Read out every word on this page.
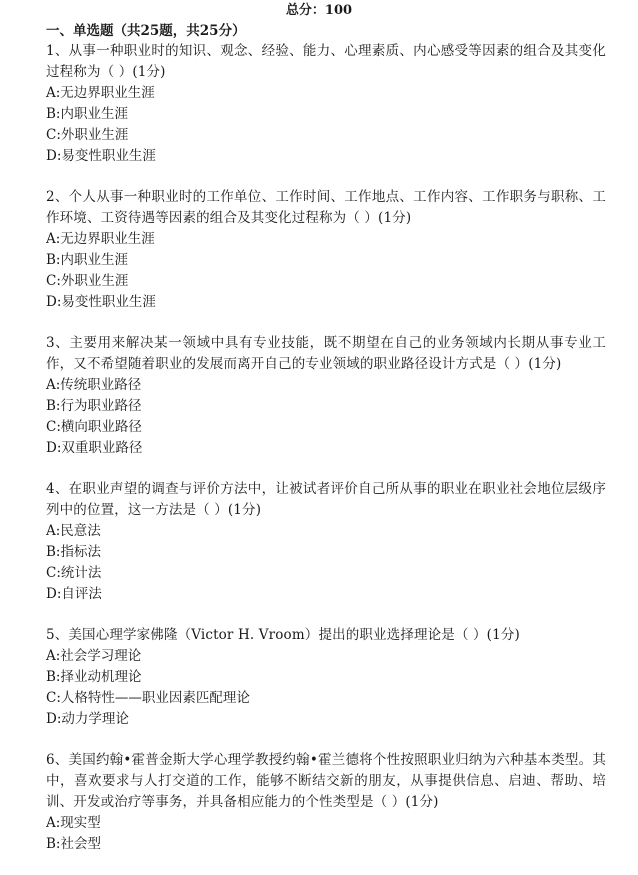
总分：100
一、单选题（共25题，共25分）
1、从事一种职业时的知识、观念、经验、能力、心理素质、内心感受等因素的组合及其变化过程称为（ ）(1分)
A:无边界职业生涯
B:内职业生涯
C:外职业生涯
D:易变性职业生涯
2、个人从事一种职业时的工作单位、工作时间、工作地点、工作内容、工作职务与职称、工作环境、工资待遇等因素的组合及其变化过程称为（ ）(1分)
A:无边界职业生涯
B:内职业生涯
C:外职业生涯
D:易变性职业生涯
3、主要用来解决某一领域中具有专业技能，既不期望在自己的业务领域内长期从事专业工作，又不希望随着职业的发展而离开自己的专业领域的职业路径设计方式是（ ）(1分)
A:传统职业路径
B:行为职业路径
C:横向职业路径
D:双重职业路径
4、在职业声望的调查与评价方法中，让被试者评价自己所从事的职业在职业社会地位层级序列中的位置，这一方法是（ ）(1分)
A:民意法
B:指标法
C:统计法
D:自评法
5、美国心理学家佛隆（Victor H. Vroom）提出的职业选择理论是（ ）(1分)
A:社会学习理论
B:择业动机理论
C:人格特性——职业因素匹配理论
D:动力学理论
6、美国约翰•霍普金斯大学心理学教授约翰•霍兰德将个性按照职业归纳为六种基本类型。其中，喜欢要求与人打交道的工作，能够不断结交新的朋友，从事提供信息、启迪、帮助、培训、开发或治疗等事务，并具备相应能力的个性类型是（ ）(1分)
A:现实型
B:社会型
